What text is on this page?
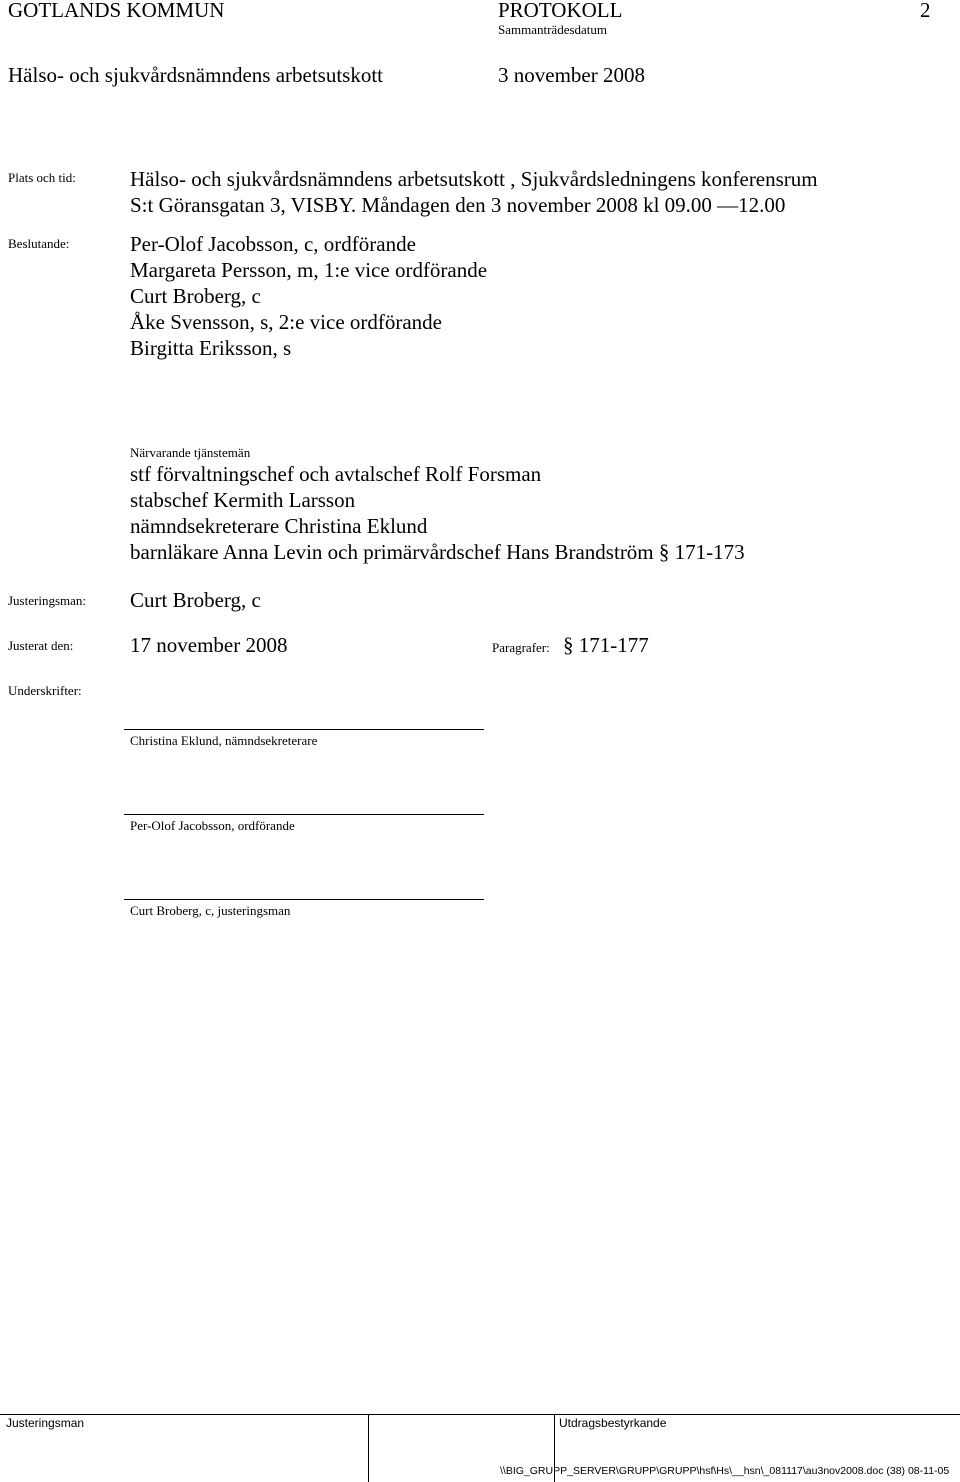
GOTLANDS KOMMUN	PROTOKOLL	2
Sammanträdesdatum
Hälso- och sjukvårdsnämndens arbetsutskott	3 november 2008
Plats och tid:	Hälso- och sjukvårdsnämndens arbetsutskott , Sjukvårdsledningens konferensrum
S:t Göransgatan 3, VISBY. Måndagen den 3 november 2008 kl 09.00 —12.00
Beslutande:	Per-Olof Jacobsson, c, ordförande
Margareta Persson, m, 1:e vice ordförande
Curt Broberg, c
Åke Svensson, s, 2:e vice ordförande
Birgitta Eriksson, s
Närvarande tjänstemän
stf förvaltningschef och avtalschef Rolf Forsman
stabschef Kermith Larsson
nämndsekreterare Christina Eklund
barnläkare Anna Levin och primärvårdschef Hans Brandström § 171-173
Justeringsman: Curt Broberg, c
Justerat den:	17 november 2008	Paragrafer: § 171-177
Underskrifter:
Christina Eklund, nämndsekreterare
Per-Olof Jacobsson, ordförande
Curt Broberg, c, justeringsman
Justeringsman	Utdragsbestyrkande
\\BIG_GRUPP_SERVER\GRUPP\GRUPP\hsf\Hs\__hsn\_081117\au3nov2008.doc (38) 08-11-05
